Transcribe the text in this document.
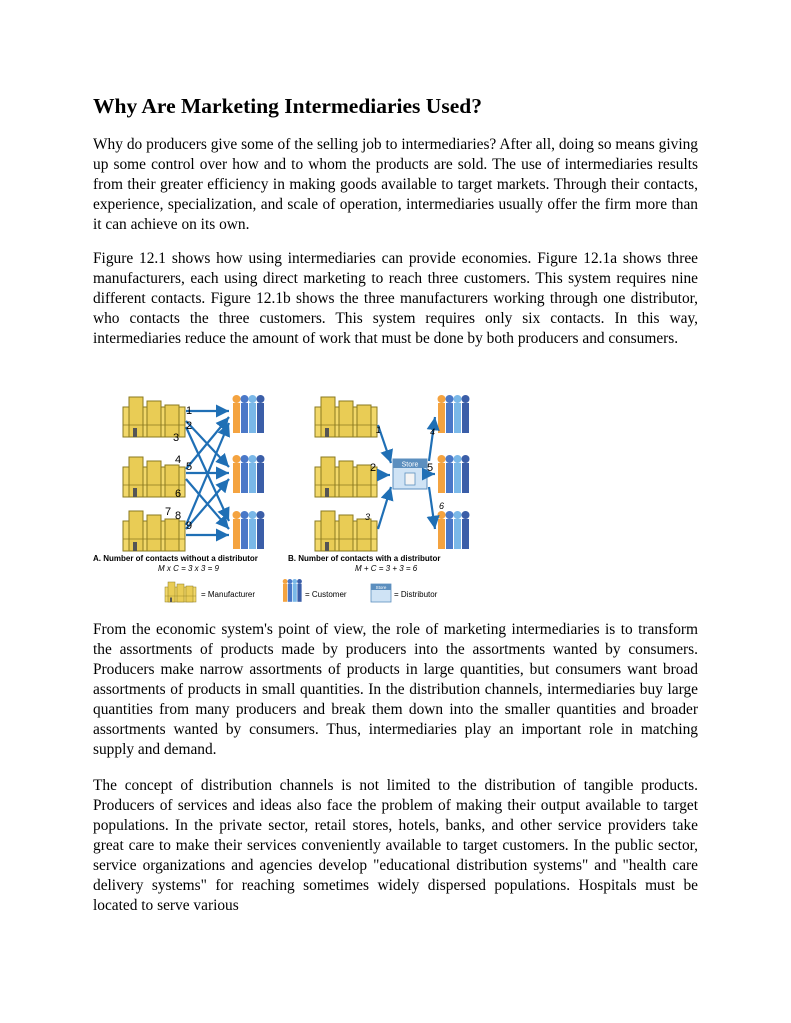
Why Are Marketing Intermediaries Used?

Why do producers give some of the selling job to intermediaries? After all, doing so means giving up some control over how and to whom the products are sold. The use of intermediaries results from their greater efficiency in making goods available to target markets. Through their contacts, experience, specialization, and scale of operation, intermediaries usually offer the firm more than it can achieve on its own.

Figure 12.1 shows how using intermediaries can provide economies. Figure 12.1a shows three manufacturers, each using direct marketing to reach three customers. This system requires nine different contacts. Figure 12.1b shows the three manufacturers working through one distributor, who contacts the three customers. This system requires only six contacts. In this way, intermediaries reduce the amount of work that must be done by both producers and consumers.

1
2
3
4
5
6
7 8
9
Store
1
2
3
4
5
6
A. Number of contacts without a distributor	B. Number of contacts with a distributor
M x C = 3 x 3 = 9	M + C = 3 + 3 = 6
= Manufacturer	= Customer
Store
= Distributor

From the economic system's point of view, the role of marketing intermediaries is to transform the assortments of products made by producers into the assortments wanted by consumers. Producers make narrow assortments of products in large quantities, but consumers want broad assortments of products in small quantities. In the distribution channels, intermediaries buy large quantities from many producers and break them down into the smaller quantities and broader assortments wanted by consumers. Thus, intermediaries play an important role in matching supply and demand.

The concept of distribution channels is not limited to the distribution of tangible products. Producers of services and ideas also face the problem of making their output available to target populations. In the private sector, retail stores, hotels, banks, and other service providers take great care to make their services conveniently available to target customers. In the public sector, service organizations and agencies develop "educational distribution systems" and "health care delivery systems" for reaching sometimes widely dispersed populations. Hospitals must be located to serve various
